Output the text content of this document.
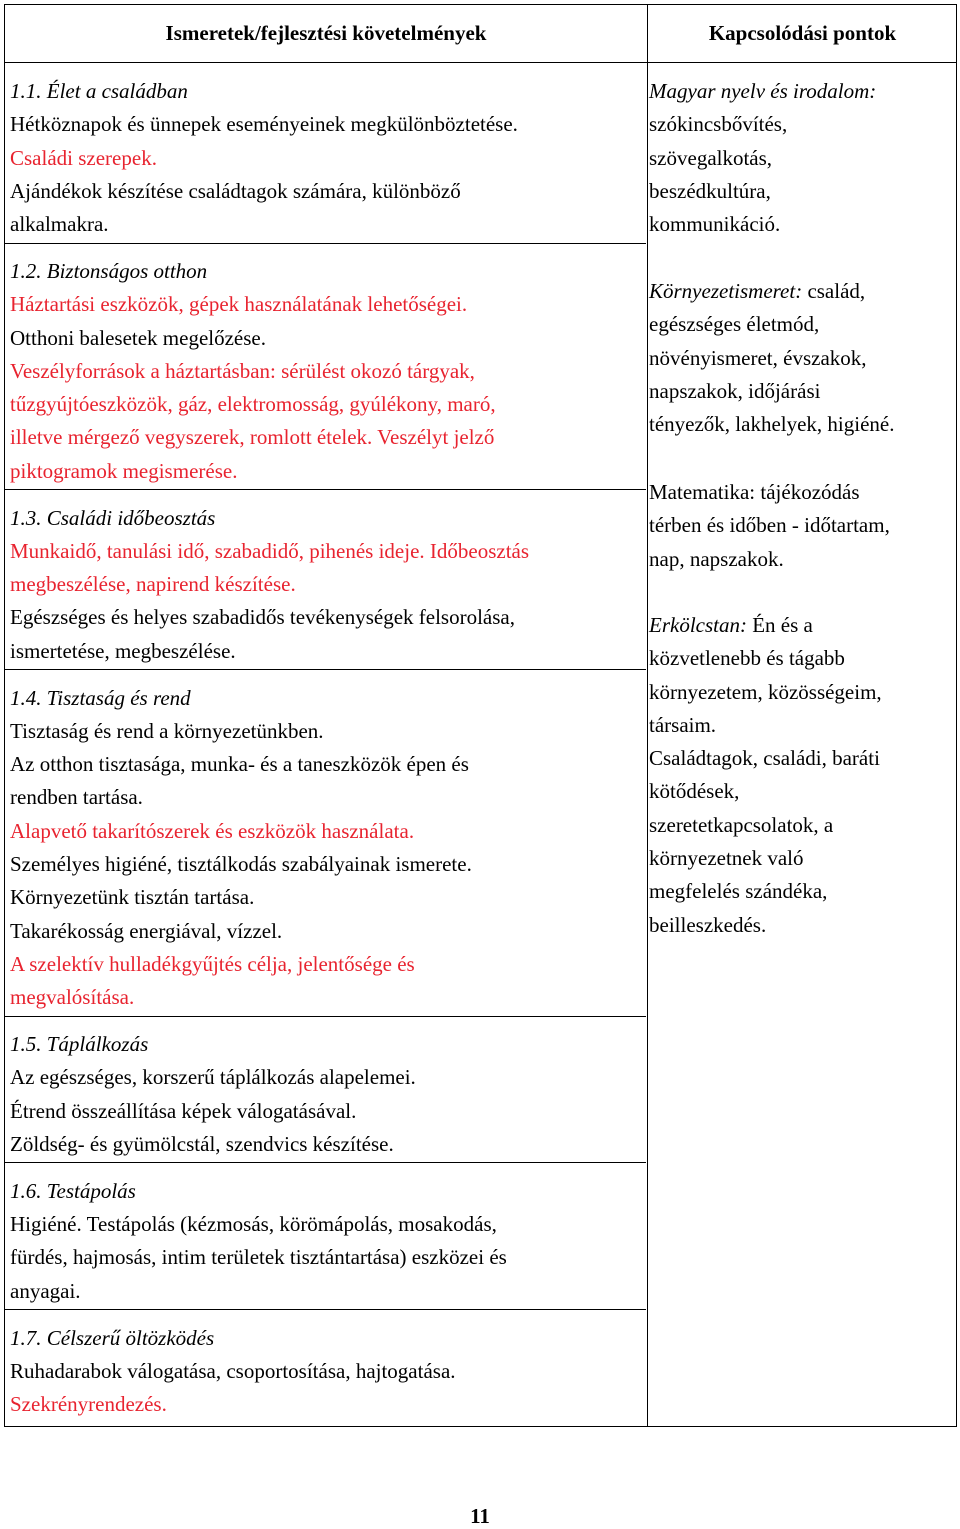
Ismeretek/fejlesztési követelmények	Kapcsolódási pontok
11
1.1. Élet a családban
Hétköznapok és ünnepek eseményeinek megkülönböztetése.
Családi szerepek.
Ajándékok készítése családtagok számára, különböző
alkalmakra.
1.2. Biztonságos otthon
Háztartási eszközök, gépek használatának lehetőségei.
Otthoni balesetek megelőzése.
Veszélyforrások a háztartásban: sérülést okozó tárgyak,
tűzgyújtóeszközök, gáz, elektromosság, gyúlékony, maró,
illetve mérgező vegyszerek, romlott ételek. Veszélyt jelző
piktogramok megismerése.
1.3. Családi időbeosztás
Munkaidő, tanulási idő, szabadidő, pihenés ideje. Időbeosztás
megbeszélése, napirend készítése.
Egészséges és helyes szabadidős tevékenységek felsorolása,
ismertetése, megbeszélése.
1.4. Tisztaság és rend
Tisztaság és rend a környezetünkben.
Az otthon tisztasága, munka- és a taneszközök épen és
rendben tartása.
Alapvető takarítószerek és eszközök használata.
Személyes higiéné, tisztálkodás szabályainak ismerete.
Környezetünk tisztán tartása.
Takarékosság energiával, vízzel.
A szelektív hulladékgyűjtés célja, jelentősége és
megvalósítása.
1.5. Táplálkozás
Az egészséges, korszerű táplálkozás alapelemei.
Étrend összeállítása képek válogatásával.
Zöldség- és gyümölcstál, szendvics készítése.
1.6. Testápolás
Higiéné. Testápolás (kézmosás, körömápolás, mosakodás,
fürdés, hajmosás, intim területek tisztántartása) eszközei és
anyagai.
1.7. Célszerű öltözködés
Ruhadarabok válogatása, csoportosítása, hajtogatása.
Szekrényrendezés.
Magyar nyelv és irodalom:
szókincsbővítés,
szövegalkotás,
beszédkultúra,
kommunikáció.
Környezetismeret: család,
egészséges életmód,
növényismeret, évszakok,
napszakok, időjárási
tényezők, lakhelyek, higiéné.
Matematika: tájékozódás
térben és időben - időtartam,
nap, napszakok.
Erkölcstan: Én és a
közvetlenebb és tágabb
környezetem, közösségeim,
társaim.
Családtagok, családi, baráti
kötődések,
szeretetkapcsolatok, a
környezetnek való
megfelelés szándéka,
beilleszkedés.
